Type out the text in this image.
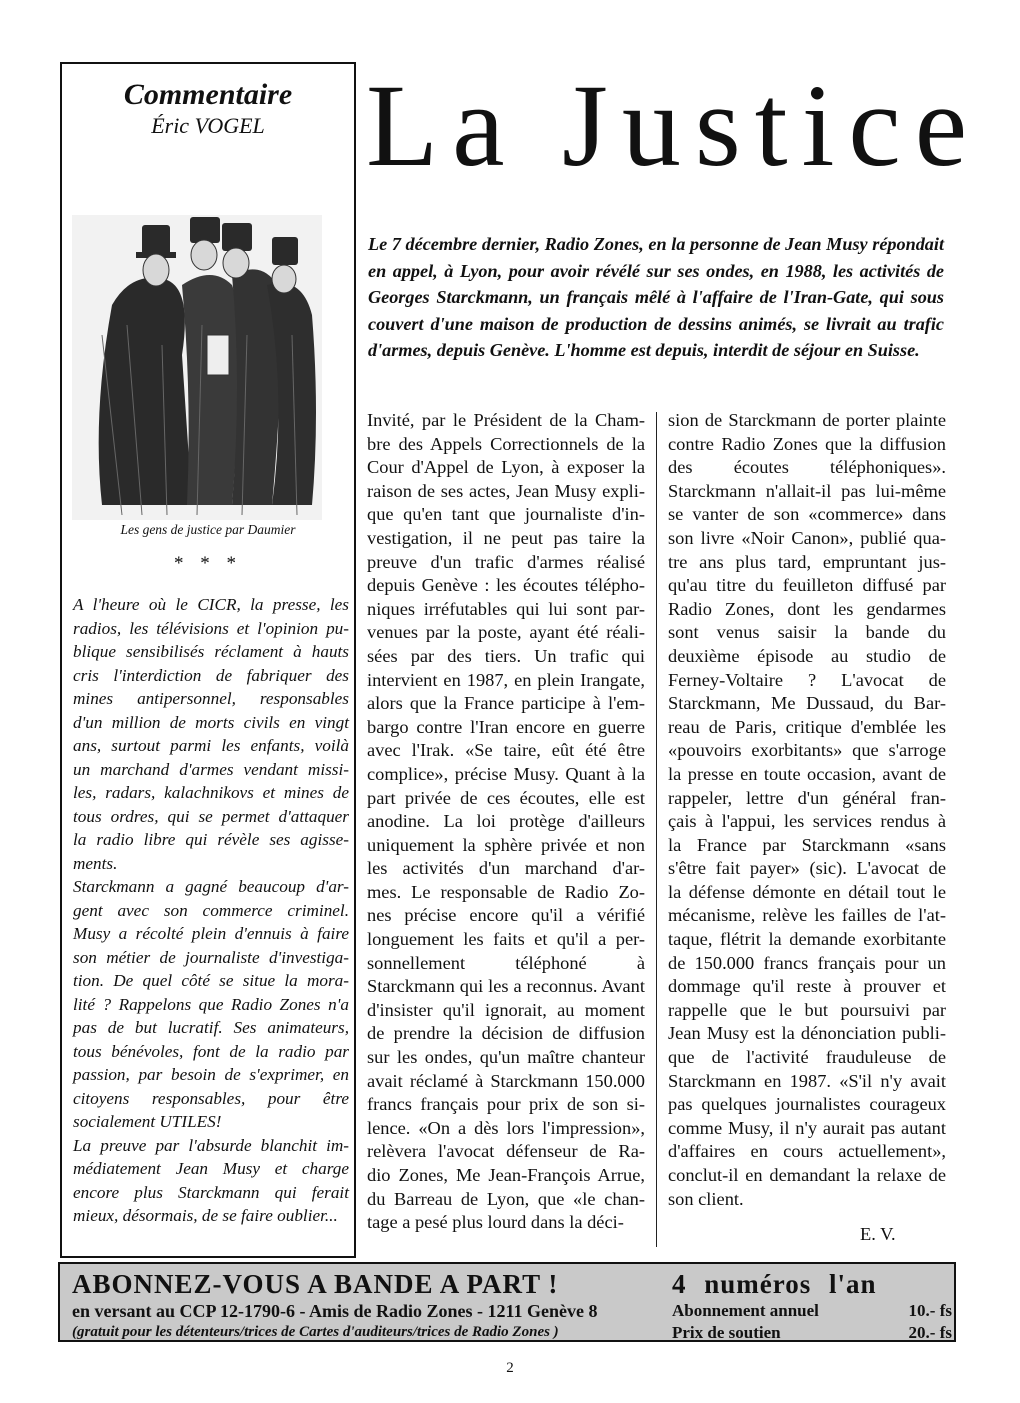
Commentaire
Éric VOGEL
Les gens de justice par Daumier
* * *
A l'heure où le CICR, la presse, les
radios, les télévisions et l'opinion pu-
blique sensibilisés réclament à hauts
cris l'interdiction de fabriquer des
mines antipersonnel, responsables
d'un million de morts civils en vingt
ans, surtout parmi les enfants, voilà
un marchand d'armes vendant missi-
les, radars, kalachnikovs et mines de
tous ordres, qui se permet d'attaquer
la radio libre qui révèle ses agisse-
ments.
Starckmann a gagné beaucoup d'ar-
gent avec son commerce criminel.
Musy a récolté plein d'ennuis à faire
son métier de journaliste d'investiga-
tion. De quel côté se situe la mora-
lité ? Rappelons que Radio Zones n'a
pas de but lucratif. Ses animateurs,
tous bénévoles, font de la radio par
passion, par besoin de s'exprimer, en
citoyens responsables, pour être
socialement UTILES!
La preuve par l'absurde blanchit im-
médiatement Jean Musy et charge
encore plus Starckmann qui ferait
mieux, désormais, de se faire oublier...
La Justice
Le 7 décembre dernier, Radio Zones, en la personne de Jean Musy répondait
en appel, à Lyon, pour avoir révélé sur ses ondes, en 1988, les activités de
Georges Starckmann, un français mêlé à l'affaire de l'Iran-Gate, qui sous
couvert d'une maison de production de dessins animés, se livrait au trafic
d'armes, depuis Genève. L'homme est depuis, interdit de séjour en Suisse.
Invité, par le Président de la Cham-
bre des Appels Correctionnels de la
Cour d'Appel de Lyon, à exposer la
raison de ses actes, Jean Musy expli-
que qu'en tant que journaliste d'in-
vestigation, il ne peut pas taire la
preuve d'un trafic d'armes réalisé
depuis Genève : les écoutes télépho-
niques irréfutables qui lui sont par-
venues par la poste, ayant été réali-
sées par des tiers. Un trafic qui
intervient en 1987, en plein Irangate,
alors que la France participe à l'em-
bargo contre l'Iran encore en guerre
avec l'Irak. «Se taire, eût été être
complice», précise Musy. Quant à la
part privée de ces écoutes, elle est
anodine. La loi protège d'ailleurs
uniquement la sphère privée et non
les activités d'un marchand d'ar-
mes. Le responsable de Radio Zo-
nes précise encore qu'il a vérifié
longuement les faits et qu'il a per-
sonnellement téléphoné à
Starckmann qui les a reconnus. Avant
d'insister qu'il ignorait, au moment
de prendre la décision de diffusion
sur les ondes, qu'un maître chanteur
avait réclamé à Starckmann 150.000
francs français pour prix de son si-
lence. «On a dès lors l'impression»,
relèvera l'avocat défenseur de Ra-
dio Zones, Me Jean-François Arrue,
du Barreau de Lyon, que «le chan-
tage a pesé plus lourd dans la déci-
sion de Starckmann de porter plainte
contre Radio Zones que la diffusion
des écoutes téléphoniques».
Starckmann n'allait-il pas lui-même
se vanter de son «commerce» dans
son livre «Noir Canon», publié qua-
tre ans plus tard, empruntant jus-
qu'au titre du feuilleton diffusé par
Radio Zones, dont les gendarmes
sont venus saisir la bande du
deuxième épisode au studio de
Ferney-Voltaire ? L'avocat de
Starckmann, Me Dussaud, du Bar-
reau de Paris, critique d'emblée les
«pouvoirs exorbitants» que s'arroge
la presse en toute occasion, avant de
rappeler, lettre d'un général fran-
çais à l'appui, les services rendus à
la France par Starckmann «sans
s'être fait payer» (sic). L'avocat de
la défense démonte en détail tout le
mécanisme, relève les failles de l'at-
taque, flétrit la demande exorbitante
de 150.000 francs français pour un
dommage qu'il reste à prouver et
rappelle que le but poursuivi par
Jean Musy est la dénonciation publi-
que de l'activité frauduleuse de
Starckmann en 1987. «S'il n'y avait
pas quelques journalistes courageux
comme Musy, il n'y aurait pas autant
d'affaires en cours actuellement»,
conclut-il en demandant la relaxe de
son client.
E. V.
ABONNEZ-VOUS A BANDE A PART !
en versant au CCP 12-1790-6 - Amis de Radio Zones - 1211 Genève 8
(gratuit pour les détenteurs/trices de Cartes d'auditeurs/trices de Radio Zones )
4 numéros l'an
Abonnement annuel	10.- fs
Prix de soutien	20.- fs
2
